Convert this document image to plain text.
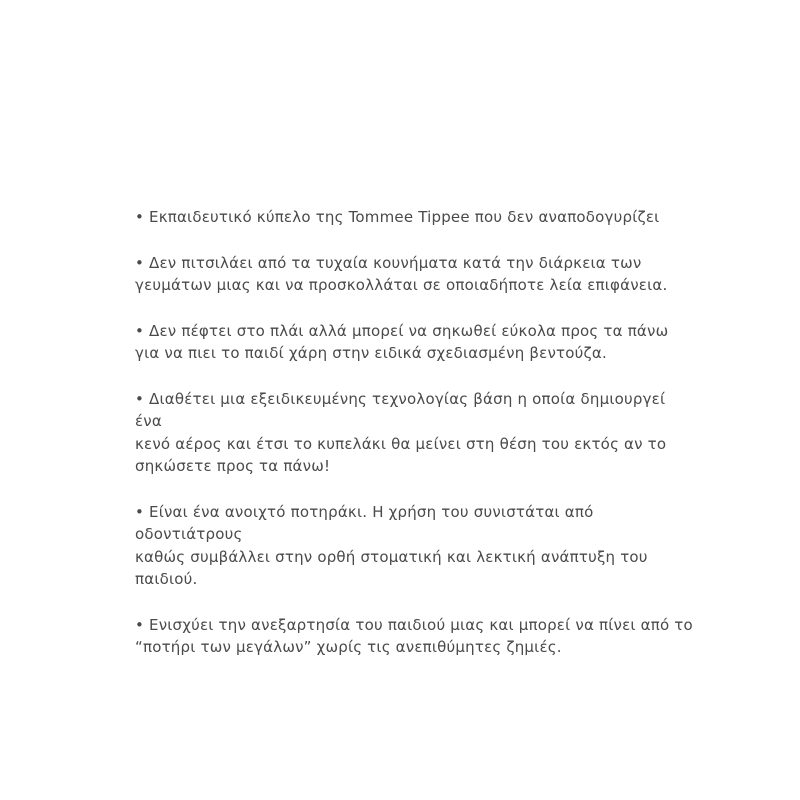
• Εκπαιδευτικό κύπελο της Tommee Tippee που δεν αναποδογυρίζει

• Δεν πιτσιλάει από τα τυχαία κουνήματα κατά την διάρκεια των
γευμάτων μιας και να προσκολλάται σε οποιαδήποτε λεία επιφάνεια.

• Δεν πέφτει στο πλάι αλλά μπορεί να σηκωθεί εύκολα προς τα πάνω
για να πιει το παιδί χάρη στην ειδικά σχεδιασμένη βεντούζα.

• Διαθέτει μια εξειδικευμένης τεχνολογίας βάση η οποία δημιουργεί ένα
κενό αέρος και έτσι το κυπελάκι θα μείνει στη θέση του εκτός αν το
σηκώσετε προς τα πάνω!

• Είναι ένα ανοιχτό ποτηράκι. Η χρήση του συνιστάται από οδοντιάτρους
καθώς συμβάλλει στην ορθή στοματική και λεκτική ανάπτυξη του
παιδιού.

• Ενισχύει την ανεξαρτησία του παιδιού μιας και μπορεί να πίνει από το
“ποτήρι των μεγάλων” χωρίς τις ανεπιθύμητες ζημιές.
